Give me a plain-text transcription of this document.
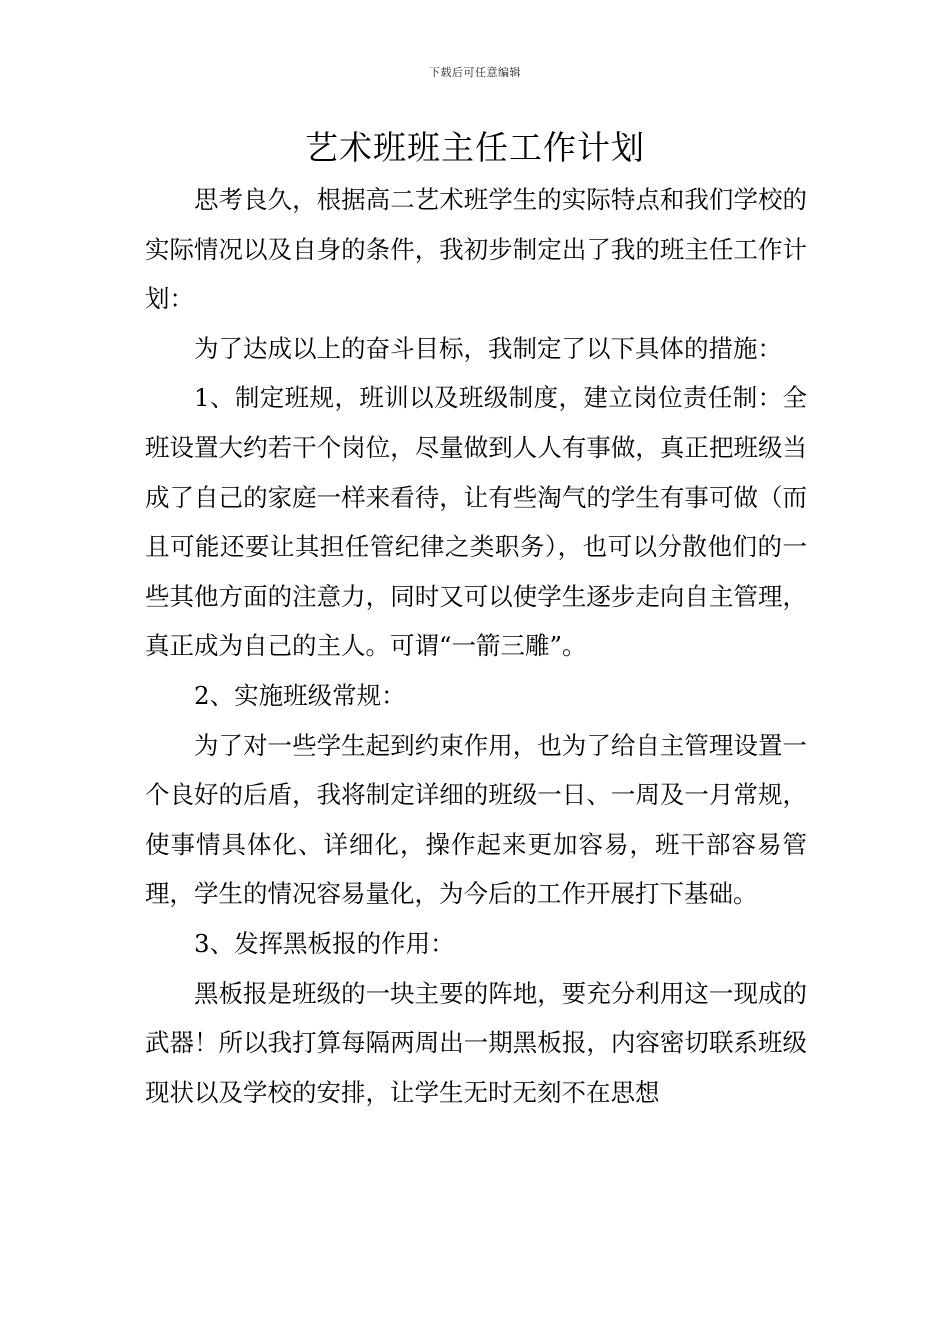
下载后可任意编辑
艺术班班主任工作计划

思考良久，根据高二艺术班学生的实际特点和我们学校的实际情况以及自身的条件，我初步制定出了我的班主任工作计划：

为了达成以上的奋斗目标，我制定了以下具体的措施：

1、制定班规，班训以及班级制度，建立岗位责任制：全班设置大约若干个岗位，尽量做到人人有事做，真正把班级当成了自己的家庭一样来看待，让有些淘气的学生有事可做（而且可能还要让其担任管纪律之类职务），也可以分散他们的一些其他方面的注意力，同时又可以使学生逐步走向自主管理，真正成为自己的主人。可谓“一箭三雕”。

2、实施班级常规：

为了对一些学生起到约束作用，也为了给自主管理设置一个良好的后盾，我将制定详细的班级一日、一周及一月常规，使事情具体化、详细化，操作起来更加容易，班干部容易管理，学生的情况容易量化，为今后的工作开展打下基础。

3、发挥黑板报的作用：

黑板报是班级的一块主要的阵地，要充分利用这一现成的武器！所以我打算每隔两周出一期黑板报，内容密切联系班级现状以及学校的安排，让学生无时无刻不在思想
